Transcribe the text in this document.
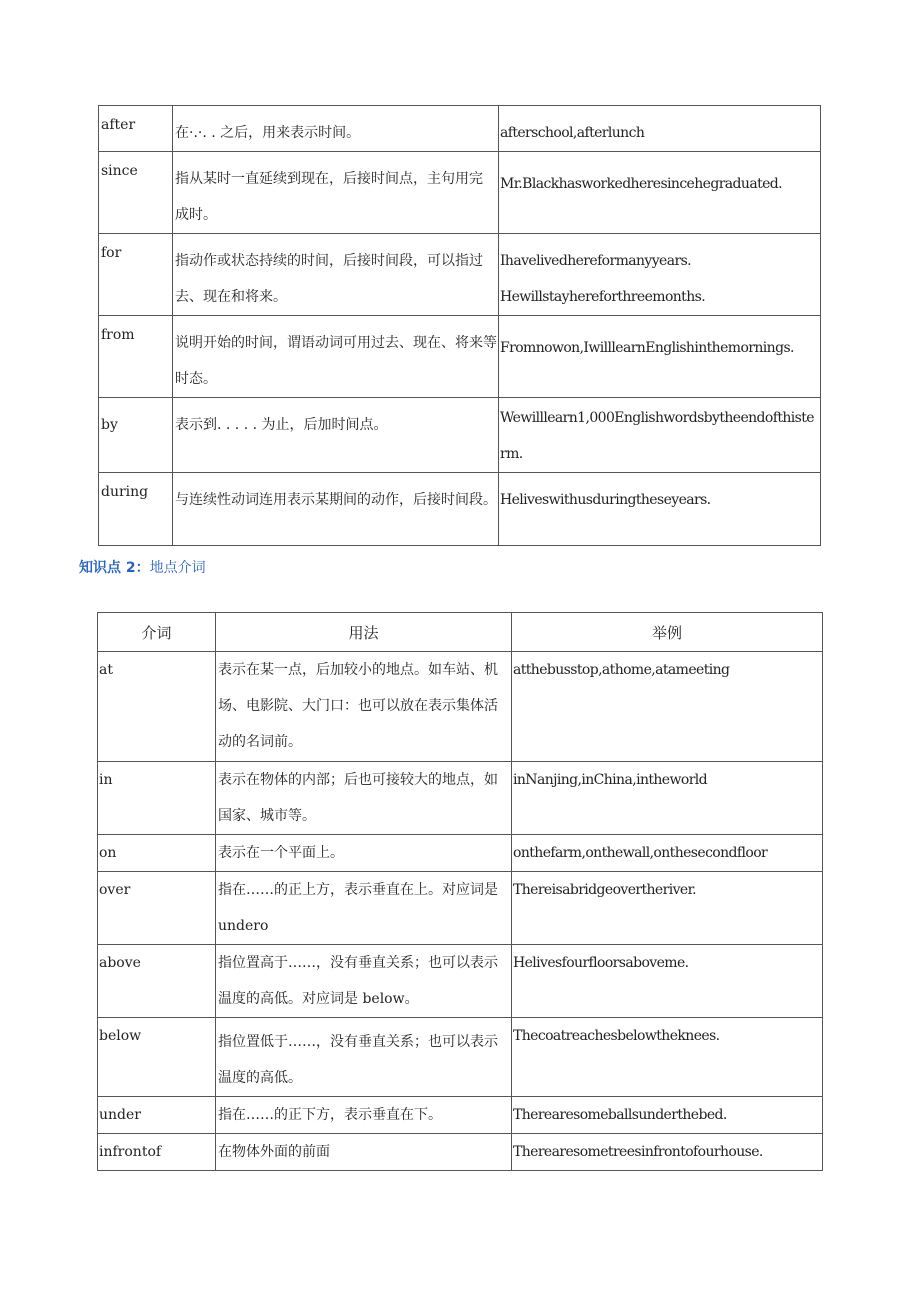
after	在·.·. . 之后，用来表示时间。	afterschool,afterlunch
since	指从某时一直延续到现在，后接时间点，主句用完成时。	Mr.Blackhasworkedheresincehegraduated.
for	指动作或状态持续的时间，后接时间段，可以指过去、现在和将来。	Ihavelivedhereformanyyears.
Hewillstayhereforthreemonths.

from	说明开始的时间，谓语动词可用过去、现在、将来等时态。	Fromnowon,IwilllearnEnglishinthemornings.
by	表示到. . . . . 为止，后加时间点。	Wewilllearn1,000Englishwordsbytheendofthisterm.
during	与连续性动词连用表示某期间的动作，后接时间段。	Heliveswithusduringtheseyears.
知识点 2：地点介词
介词	用法	举例
at	表示在某一点，后加较小的地点。如车站、机场、电影院、大门口：也可以放在表示集体活动的名词前。	atthebusstop,athome,atameeting
in	表示在物体的内部；后也可接较大的地点，如国家、城市等。	inNanjing,inChina,intheworld
on	表示在一个平面上。	onthefarm,onthewall,onthesecondfloor
over	指在……的正上方，表示垂直在上。对应词是 undero	Thereisabridgeovertheriver.
above	指位置高于……，没有垂直关系；也可以表示温度的高低。对应词是 below。	Helivesfourfloorsaboveme.
below	指位置低于……，没有垂直关系；也可以表示温度的高低。	Thecoatreachesbelowtheknees.
under	指在……的正下方，表示垂直在下。	Therearesomeballsunderthebed.
infrontof	在物体外面的前面	Therearesometreesinfrontofourhouse.
